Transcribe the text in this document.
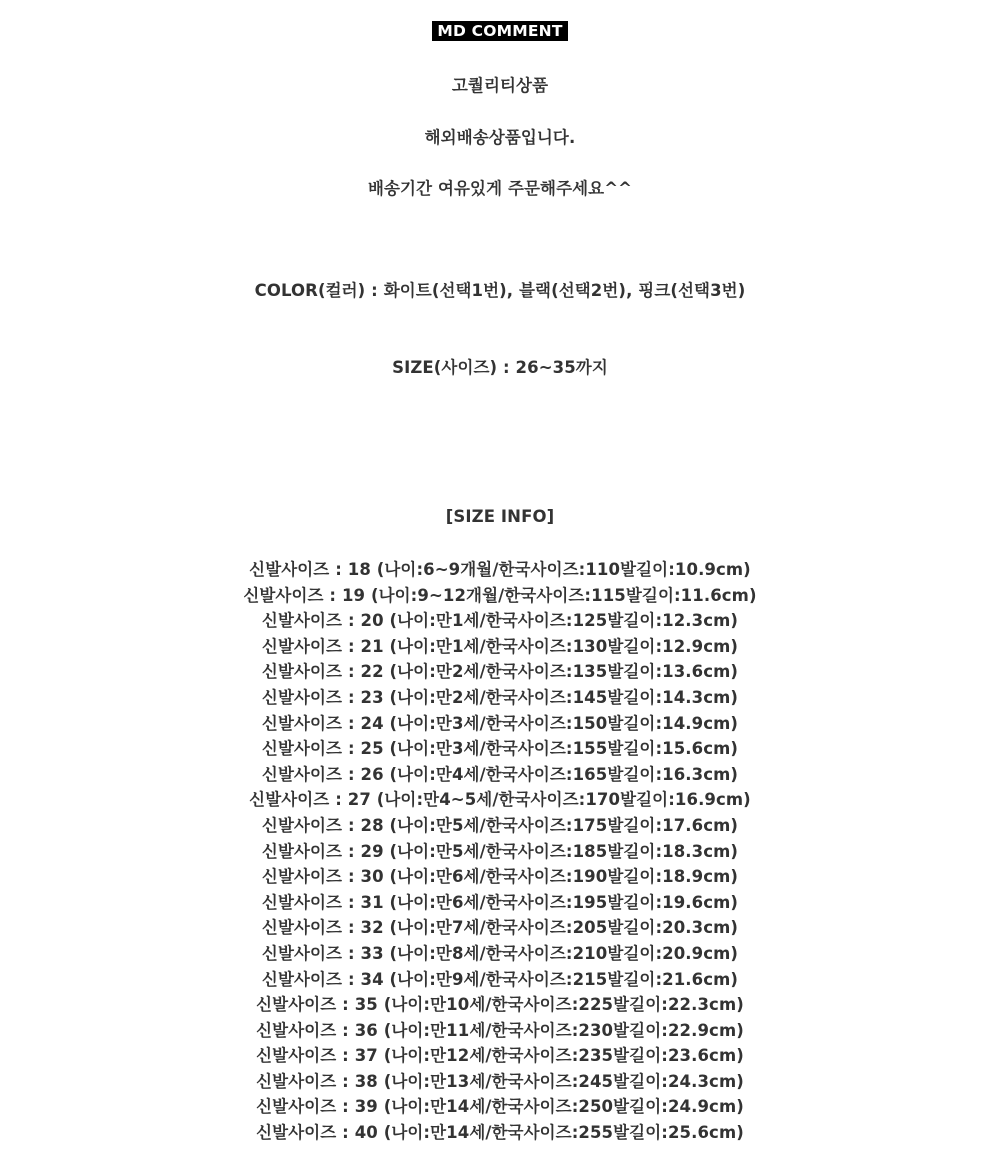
MD COMMENT
고퀄리티상품
해외배송상품입니다.
배송기간 여유있게 주문해주세요^^
COLOR(컬러) : 화이트(선택1번), 블랙(선택2번), 핑크(선택3번)
SIZE(사이즈) : 26~35까지
[SIZE INFO]
신발사이즈 : 18 (나이:6~9개월/한국사이즈:110발길이:10.9cm)
신발사이즈 : 19 (나이:9~12개월/한국사이즈:115발길이:11.6cm)
신발사이즈 : 20 (나이:만1세/한국사이즈:125발길이:12.3cm)
신발사이즈 : 21 (나이:만1세/한국사이즈:130발길이:12.9cm)
신발사이즈 : 22 (나이:만2세/한국사이즈:135발길이:13.6cm)
신발사이즈 : 23 (나이:만2세/한국사이즈:145발길이:14.3cm)
신발사이즈 : 24 (나이:만3세/한국사이즈:150발길이:14.9cm)
신발사이즈 : 25 (나이:만3세/한국사이즈:155발길이:15.6cm)
신발사이즈 : 26 (나이:만4세/한국사이즈:165발길이:16.3cm)
신발사이즈 : 27 (나이:만4~5세/한국사이즈:170발길이:16.9cm)
신발사이즈 : 28 (나이:만5세/한국사이즈:175발길이:17.6cm)
신발사이즈 : 29 (나이:만5세/한국사이즈:185발길이:18.3cm)
신발사이즈 : 30 (나이:만6세/한국사이즈:190발길이:18.9cm)
신발사이즈 : 31 (나이:만6세/한국사이즈:195발길이:19.6cm)
신발사이즈 : 32 (나이:만7세/한국사이즈:205발길이:20.3cm)
신발사이즈 : 33 (나이:만8세/한국사이즈:210발길이:20.9cm)
신발사이즈 : 34 (나이:만9세/한국사이즈:215발길이:21.6cm)
신발사이즈 : 35 (나이:만10세/한국사이즈:225발길이:22.3cm)
신발사이즈 : 36 (나이:만11세/한국사이즈:230발길이:22.9cm)
신발사이즈 : 37 (나이:만12세/한국사이즈:235발길이:23.6cm)
신발사이즈 : 38 (나이:만13세/한국사이즈:245발길이:24.3cm)
신발사이즈 : 39 (나이:만14세/한국사이즈:250발길이:24.9cm)
신발사이즈 : 40 (나이:만14세/한국사이즈:255발길이:25.6cm)
